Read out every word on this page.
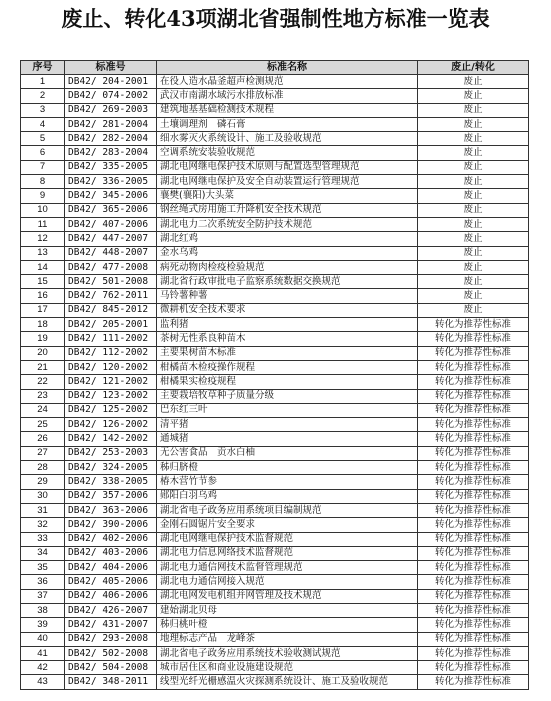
废止、转化43项湖北省强制性地方标准一览表
序号	标准号	标准名称	废止/转化
1	DB42/ 204-2001	在役人造水晶釜超声检测规范	废止
2	DB42/ 074-2002	武汉市南湖水域污水排放标准	废止
3	DB42/ 269-2003	建筑地基基础检测技术规程	废止
4	DB42/ 281-2004	土壤调理剂　磷石膏	废止
5	DB42/ 282-2004	细水雾灭火系统设计、施工及验收规范	废止
6	DB42/ 283-2004	空调系统安装验收规范	废止
7	DB42/ 335-2005	湖北电网继电保护技术原则与配置选型管理规范	废止
8	DB42/ 336-2005	湖北电网继电保护及安全自动装置运行管理规范	废止
9	DB42/ 345-2006	襄樊(襄阳)大头菜	废止
10	DB42/ 365-2006	钢丝绳式房用施工升降机安全技术规范	废止
11	DB42/ 407-2006	湖北电力二次系统安全防护技术规范	废止
12	DB42/ 447-2007	湖北红鸡	废止
13	DB42/ 448-2007	金水乌鸡	废止
14	DB42/ 477-2008	病死动物肉检疫检验规范	废止
15	DB42/ 501-2008	湖北省行政审批电子监察系统数据交换规范	废止
16	DB42/ 762-2011	马铃薯种薯	废止
17	DB42/ 845-2012	微耕机安全技术要求	废止
18	DB42/ 205-2001	监利猪	转化为推荐性标准
19	DB42/ 111-2002	茶树无性系良种苗木	转化为推荐性标准
20	DB42/ 112-2002	主要果树苗木标准	转化为推荐性标准
21	DB42/ 120-2002	柑橘苗木检疫操作规程	转化为推荐性标准
22	DB42/ 121-2002	柑橘果实检疫规程	转化为推荐性标准
23	DB42/ 123-2002	主要栽培牧草种子质量分级	转化为推荐性标准
24	DB42/ 125-2002	巴东红三叶	转化为推荐性标准
25	DB42/ 126-2002	清平猪	转化为推荐性标准
26	DB42/ 142-2002	通城猪	转化为推荐性标准
27	DB42/ 253-2003	无公害食品　贡水白柚	转化为推荐性标准
28	DB42/ 324-2005	秭归脐橙	转化为推荐性标准
29	DB42/ 338-2005	椿木营竹节参	转化为推荐性标准
30	DB42/ 357-2006	郧阳白羽乌鸡	转化为推荐性标准
31	DB42/ 363-2006	湖北省电子政务应用系统项目编制规范	转化为推荐性标准
32	DB42/ 390-2006	金刚石圆锯片安全要求	转化为推荐性标准
33	DB42/ 402-2006	湖北电网继电保护技术监督规范	转化为推荐性标准
34	DB42/ 403-2006	湖北电力信息网络技术监督规范	转化为推荐性标准
35	DB42/ 404-2006	湖北电力通信网技术监督管理规范	转化为推荐性标准
36	DB42/ 405-2006	湖北电力通信网接入规范	转化为推荐性标准
37	DB42/ 406-2006	湖北电网发电机组并网管理及技术规范	转化为推荐性标准
38	DB42/ 426-2007	建始湖北贝母	转化为推荐性标准
39	DB42/ 431-2007	秭归桃叶橙	转化为推荐性标准
40	DB42/ 293-2008	地理标志产品　龙峰茶	转化为推荐性标准
41	DB42/ 502-2008	湖北省电子政务应用系统技术验收测试规范	转化为推荐性标准
42	DB42/ 504-2008	城市居住区和商业设施建设规范	转化为推荐性标准
43	DB42/ 348-2011	线型光纤光栅感温火灾探测系统设计、施工及验收规范	转化为推荐性标准
